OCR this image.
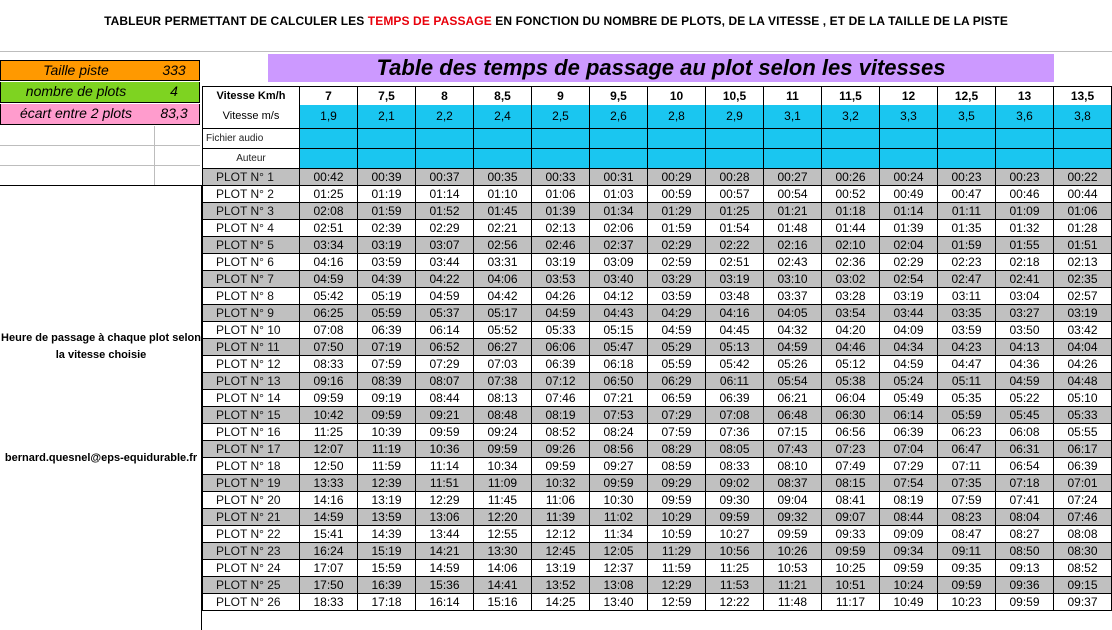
TABLEUR PERMETTANT DE CALCULER LES TEMPS DE PASSAGE EN FONCTION DU NOMBRE DE PLOTS, DE LA VITESSE , ET DE LA TAILLE DE LA PISTE
Taille piste	333
nombre de plots	4
écart entre 2 plots	83,3
Heure de passage à chaque plot selon la vitesse choisie
bernard.quesnel@eps-equidurable.fr
Table des temps de passage au plot selon les vitesses
Vitesse Km/h	7	7,5	8	8,5	9	9,5	10	10,5	11	11,5	12	12,5	13	13,5
Vitesse m/s	1,9	2,1	2,2	2,4	2,5	2,6	2,8	2,9	3,1	3,2	3,3	3,5	3,6	3,8
Fichier audio														
Auteur														
PLOT N° 1	00:42	00:39	00:37	00:35	00:33	00:31	00:29	00:28	00:27	00:26	00:24	00:23	00:23	00:22
PLOT N° 2	01:25	01:19	01:14	01:10	01:06	01:03	00:59	00:57	00:54	00:52	00:49	00:47	00:46	00:44
PLOT N° 3	02:08	01:59	01:52	01:45	01:39	01:34	01:29	01:25	01:21	01:18	01:14	01:11	01:09	01:06
PLOT N° 4	02:51	02:39	02:29	02:21	02:13	02:06	01:59	01:54	01:48	01:44	01:39	01:35	01:32	01:28
PLOT N° 5	03:34	03:19	03:07	02:56	02:46	02:37	02:29	02:22	02:16	02:10	02:04	01:59	01:55	01:51
PLOT N° 6	04:16	03:59	03:44	03:31	03:19	03:09	02:59	02:51	02:43	02:36	02:29	02:23	02:18	02:13
PLOT N° 7	04:59	04:39	04:22	04:06	03:53	03:40	03:29	03:19	03:10	03:02	02:54	02:47	02:41	02:35
PLOT N° 8	05:42	05:19	04:59	04:42	04:26	04:12	03:59	03:48	03:37	03:28	03:19	03:11	03:04	02:57
PLOT N° 9	06:25	05:59	05:37	05:17	04:59	04:43	04:29	04:16	04:05	03:54	03:44	03:35	03:27	03:19
PLOT N° 10	07:08	06:39	06:14	05:52	05:33	05:15	04:59	04:45	04:32	04:20	04:09	03:59	03:50	03:42
PLOT N° 11	07:50	07:19	06:52	06:27	06:06	05:47	05:29	05:13	04:59	04:46	04:34	04:23	04:13	04:04
PLOT N° 12	08:33	07:59	07:29	07:03	06:39	06:18	05:59	05:42	05:26	05:12	04:59	04:47	04:36	04:26
PLOT N° 13	09:16	08:39	08:07	07:38	07:12	06:50	06:29	06:11	05:54	05:38	05:24	05:11	04:59	04:48
PLOT N° 14	09:59	09:19	08:44	08:13	07:46	07:21	06:59	06:39	06:21	06:04	05:49	05:35	05:22	05:10
PLOT N° 15	10:42	09:59	09:21	08:48	08:19	07:53	07:29	07:08	06:48	06:30	06:14	05:59	05:45	05:33
PLOT N° 16	11:25	10:39	09:59	09:24	08:52	08:24	07:59	07:36	07:15	06:56	06:39	06:23	06:08	05:55
PLOT N° 17	12:07	11:19	10:36	09:59	09:26	08:56	08:29	08:05	07:43	07:23	07:04	06:47	06:31	06:17
PLOT N° 18	12:50	11:59	11:14	10:34	09:59	09:27	08:59	08:33	08:10	07:49	07:29	07:11	06:54	06:39
PLOT N° 19	13:33	12:39	11:51	11:09	10:32	09:59	09:29	09:02	08:37	08:15	07:54	07:35	07:18	07:01
PLOT N° 20	14:16	13:19	12:29	11:45	11:06	10:30	09:59	09:30	09:04	08:41	08:19	07:59	07:41	07:24
PLOT N° 21	14:59	13:59	13:06	12:20	11:39	11:02	10:29	09:59	09:32	09:07	08:44	08:23	08:04	07:46
PLOT N° 22	15:41	14:39	13:44	12:55	12:12	11:34	10:59	10:27	09:59	09:33	09:09	08:47	08:27	08:08
PLOT N° 23	16:24	15:19	14:21	13:30	12:45	12:05	11:29	10:56	10:26	09:59	09:34	09:11	08:50	08:30
PLOT N° 24	17:07	15:59	14:59	14:06	13:19	12:37	11:59	11:25	10:53	10:25	09:59	09:35	09:13	08:52
PLOT N° 25	17:50	16:39	15:36	14:41	13:52	13:08	12:29	11:53	11:21	10:51	10:24	09:59	09:36	09:15
PLOT N° 26	18:33	17:18	16:14	15:16	14:25	13:40	12:59	12:22	11:48	11:17	10:49	10:23	09:59	09:37
